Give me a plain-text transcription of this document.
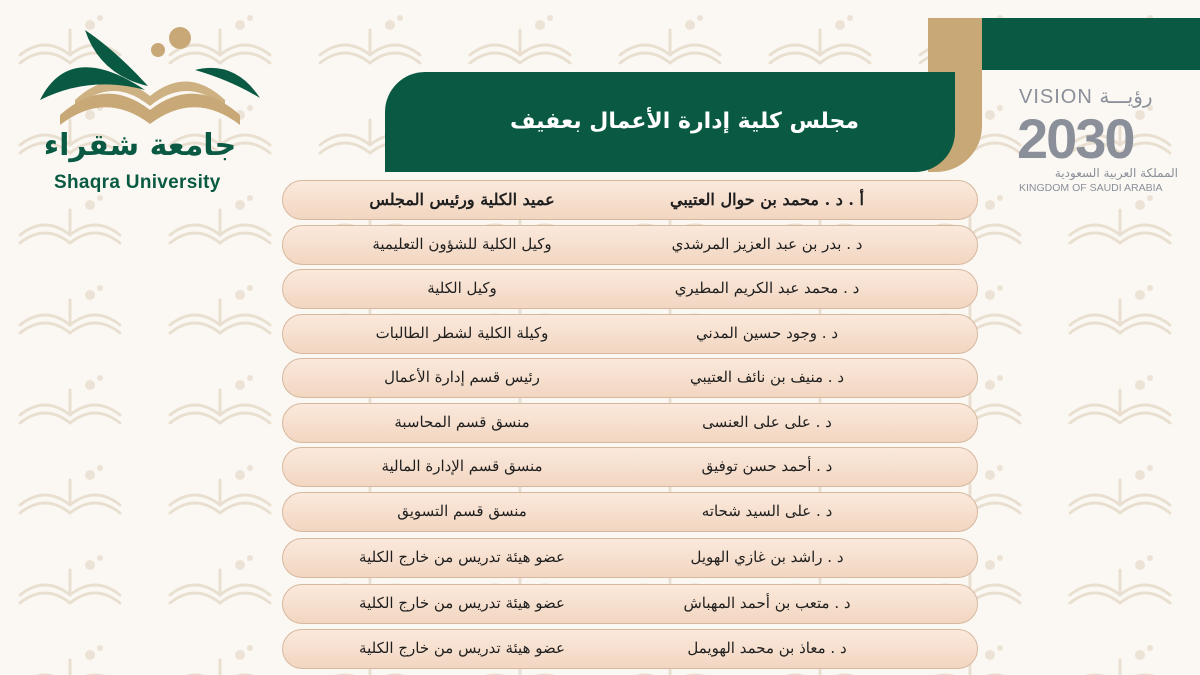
مجلس كلية إدارة الأعمال بعفيف
جامعة شقراء
Shaqra University
VISION رؤيـــة
2030
المملكة العربية السعودية
KINGDOM OF SAUDI ARABIA
أ . د . محمد بن حوال العتيبي
عميد الكلية ورئيس المجلس
د . بدر بن عبد العزيز المرشدي
وكيل الكلية للشؤون التعليمية
د . محمد عبد الكريم المطيري
وكيل الكلية
د . وجود حسين المدني
وكيلة الكلية لشطر الطالبات
د . منيف بن نائف العتيبي
رئيس قسم إدارة الأعمال
د . على على العنسى
منسق قسم المحاسبة
د . أحمد حسن توفيق
منسق قسم الإدارة المالية
د . على السيد شحاته
منسق قسم التسويق
د . راشد بن غازي الهويل
عضو هيئة تدريس من خارج الكلية
د . متعب بن أحمد المهباش
عضو هيئة تدريس من خارج الكلية
د . معاذ بن محمد الهويمل
عضو هيئة تدريس من خارج الكلية
